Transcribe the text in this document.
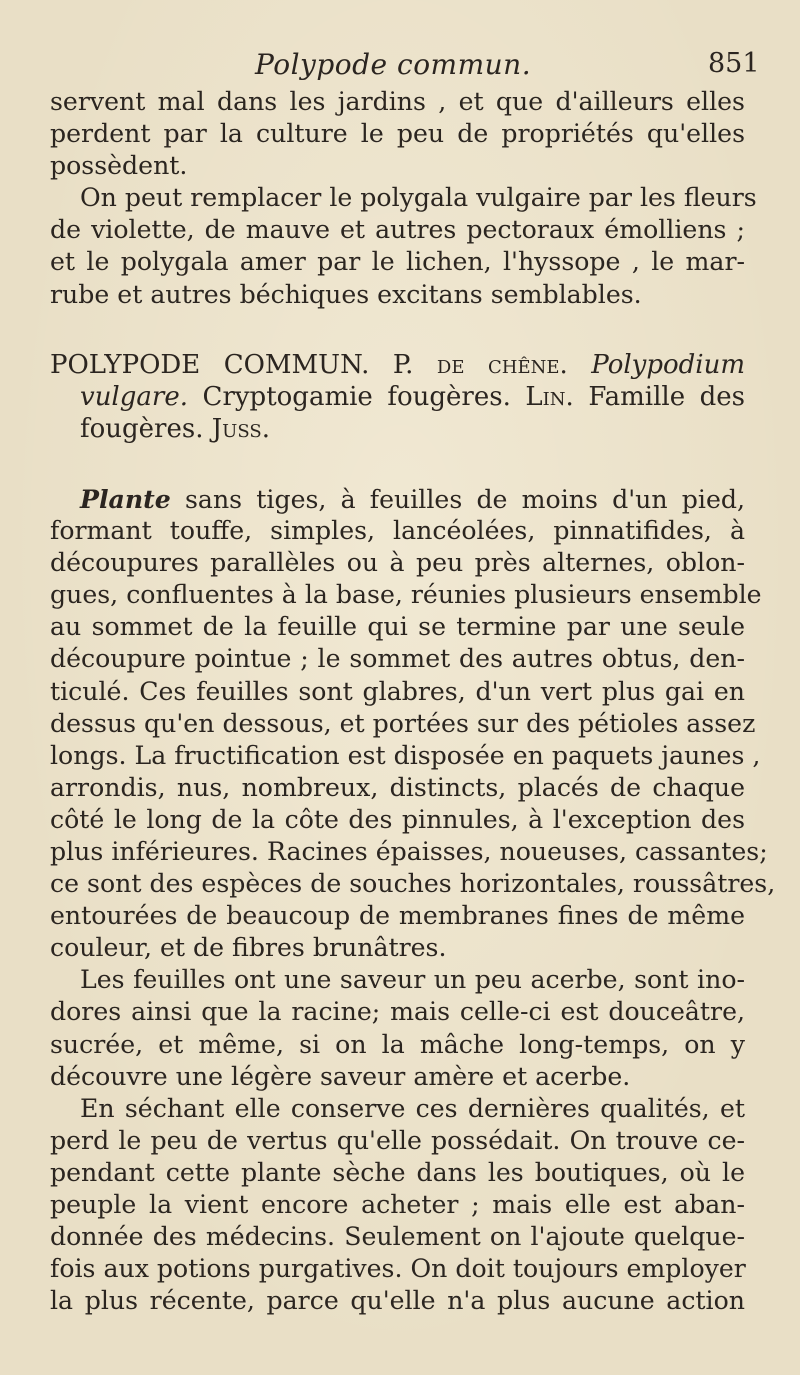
Polypode commun.	851

servent mal dans les jardins , et que d'ailleurs elles
perdent par la culture le peu de propriétés qu'elles
possèdent.

On peut remplacer le polygala vulgaire par les fleurs
de violette, de mauve et autres pectoraux émolliens ;
et le polygala amer par le lichen, l'hyssope , le mar-
rube et autres béchiques excitans semblables.

POLYPODE COMMUN. P. de chêne. Polypodium
vulgare. Cryptogamie fougères. Lin. Famille des
fougères. Juss.

Plante sans tiges, à feuilles de moins d'un pied,
formant touffe, simples, lancéolées, pinnatifides, à
découpures parallèles ou à peu près alternes, oblon-
gues, confluentes à la base, réunies plusieurs ensemble
au sommet de la feuille qui se termine par une seule
découpure pointue ; le sommet des autres obtus, den-
ticulé. Ces feuilles sont glabres, d'un vert plus gai en
dessus qu'en dessous, et portées sur des pétioles assez
longs. La fructification est disposée en paquets jaunes ,
arrondis, nus, nombreux, distincts, placés de chaque
côté le long de la côte des pinnules, à l'exception des
plus inférieures. Racines épaisses, noueuses, cassantes;
ce sont des espèces de souches horizontales, roussâtres,
entourées de beaucoup de membranes fines de même
couleur, et de fibres brunâtres.

Les feuilles ont une saveur un peu acerbe, sont ino-
dores ainsi que la racine; mais celle-ci est douceâtre,
sucrée, et même, si on la mâche long-temps, on y
découvre une légère saveur amère et acerbe.

En séchant elle conserve ces dernières qualités, et
perd le peu de vertus qu'elle possédait. On trouve ce-
pendant cette plante sèche dans les boutiques, où le
peuple la vient encore acheter ; mais elle est aban-
donnée des médecins. Seulement on l'ajoute quelque-
fois aux potions purgatives. On doit toujours employer
la plus récente, parce qu'elle n'a plus aucune action
